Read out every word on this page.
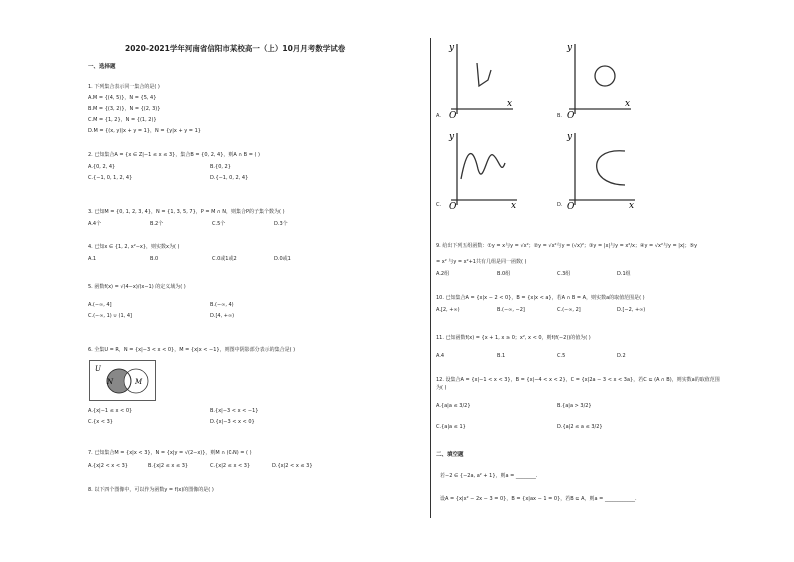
2020-2021学年河南省信阳市某校高一（上）10月月考数学试卷
一、选择题
1. 下列集合表示同一集合的是( )
A.M = {(4, 5)}，N = {5, 4}
B.M = {(3, 2)}，N = {(2, 3)}
C.M = {1, 2}，N = {(1, 2)}
D.M = {(x, y)|x + y = 1}，N = {y|x + y = 1}
2. 已知集合A = {x ∈ Z|−1 ≤ x ≤ 3}，集合B = {0, 2, 4}，则A ∩ B = ( )
A.{0, 2, 4}	B.{0, 2}
C.{−1, 0, 1, 2, 4}	D.{−1, 0, 2, 4}
3. 已知M = {0, 1, 2, 3, 4}，N = {1, 3, 5, 7}，P = M ∩ N，则集合P的子集个数为( )
A.4个	B.2个	C.5个	D.3个
4. 已知x ∈ {1, 2, x²−x}，则实数x为( )
A.1	B.0	C.0或1或2	D.0或1
5. 函数f(x) = √(4−x)/(x−1) 的定义域为( )
A.(−∞, 4]	B.(−∞, 4)
C.(−∞, 1) ∪ (1, 4]	D.[4, +∞)
6. 全集U = R，N = {x|−3 < x < 0}，M = {x|x < −1}，则图中阴影部分表示的集合是( )
U
N	M
A.{x|−1 ≤ x < 0}	B.{x|−3 < x < −1}
C.{x < 3}	D.{x|−3 < x < 0}
7. 已知集合M = {x|x < 3}，N = {x|y = √(2−x)}，则M ∩ (∁ᵣN) = ( )
A.{x|2 < x < 3}	B.{x|2 ≤ x ≤ 3}	C.{x|2 ≤ x < 3}	D.{x|2 < x ≤ 3}
8. 以下四个图像中，可以作为函数y = f(x)的图像的是( )
A.
y
x
O	B.
y
x
O
C.
y
x
O	D.
y
x
O
9. 给出下列五组函数：①y = x与y = √x²；②y = √x²与y = (√x)²；③y = |x|与y = x²/x；④y = √x²与y = |x|；⑤y
= x² 与y = x²+1共有几组是同一函数( )
A.2组	B.0组	C.3组	D.1组
10. 已知集合A = {x|x − 2 < 0}，B = {x|x < a}，若A ∩ B = A，则实数a的取值范围是( )
A.[2, +∞)	B.(−∞, −2]	C.(−∞, 2]	D.[−2, +∞)
11. 已知函数f(x) = {x + 1, x ≥ 0；x², x < 0，则f(f(−2))的值为( )
A.4	B.1	C.5	D.2
12. 设集合A = {x|−1 < x < 3}，B = {x|−4 < x < 2}，C = {x|2a − 3 < x < 3a}，若C ⊆ (A ∩ B)，则实数a的取值范围
为( )
A.{a|a ≤ 3/2}	B.{a|a > 3/2}
C.{a|a ≤ 1}	D.{a|2 ≤ a ≤ 3/2}
二、填空题
若−2 ∈ {−2a, a² + 1}，则a = ________.
设A = {x|x² − 2x − 3 = 0}，B = {x|ax − 1 = 0}，若B ⊆ A，则a = ____________.
